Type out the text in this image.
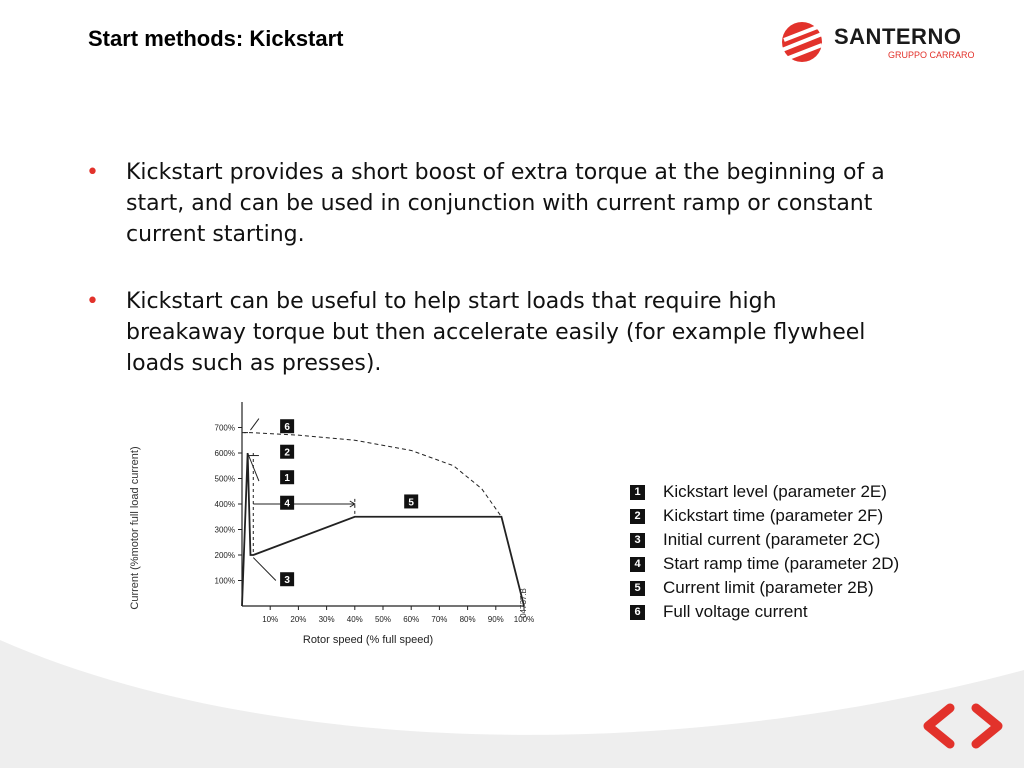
Start methods: Kickstart	SANTERNO
GRUPPO CARRARO
• Kickstart provides a short boost of extra torque at the beginning of a start, and can be used in conjunction with current ramp or constant current starting.
• Kickstart can be useful to help start loads that require high breakaway torque but then accelerate easily (for example flywheel loads such as presses).
1
2
3
4	5
6
100%
200%
300%
400%
500%
600%
700%
10% 20% 30% 40% 50% 60% 70% 80% 90% 100%
Rotor speed (% full speed)
Current (%motor full load current)	04737.B
1 Kickstart level (parameter 2E)
2 Kickstart time (parameter 2F)
3 Initial current (parameter 2C)
4 Start ramp time (parameter 2D)
5 Current limit (parameter 2B)
6 Full voltage current
